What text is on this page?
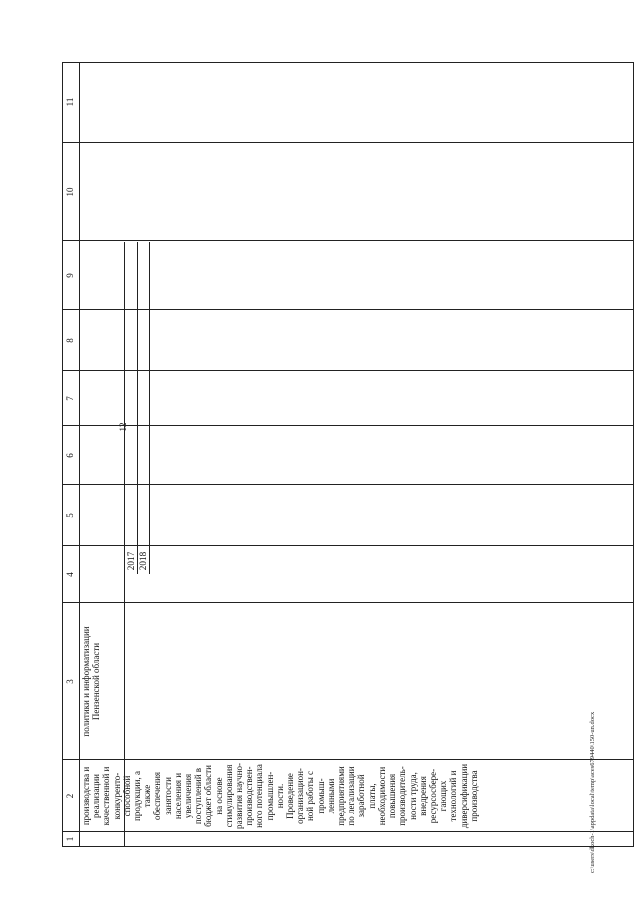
12
c:\users\dkoch-1\appdata\local\temp\aces679440\150-un.docx
1
2
3
4
5
6
7
8
9
10
11
производства и реализации качественной и конкуренто-способной продукции, а также обеспечения занятости населения и увеличения поступлений в бюджет области на основе стимулирования развития научно-производствен-ного потенциала промышлен-ности. Проведение организацион-ной работы с промыш-ленными предприятиями по легализации заработной платы, необходимости повышения производитель-ности труда, внедрения ресурсосбере-гающих технологий и диверсификации производства
политики и информатизации Пензенской области
2017 2018
